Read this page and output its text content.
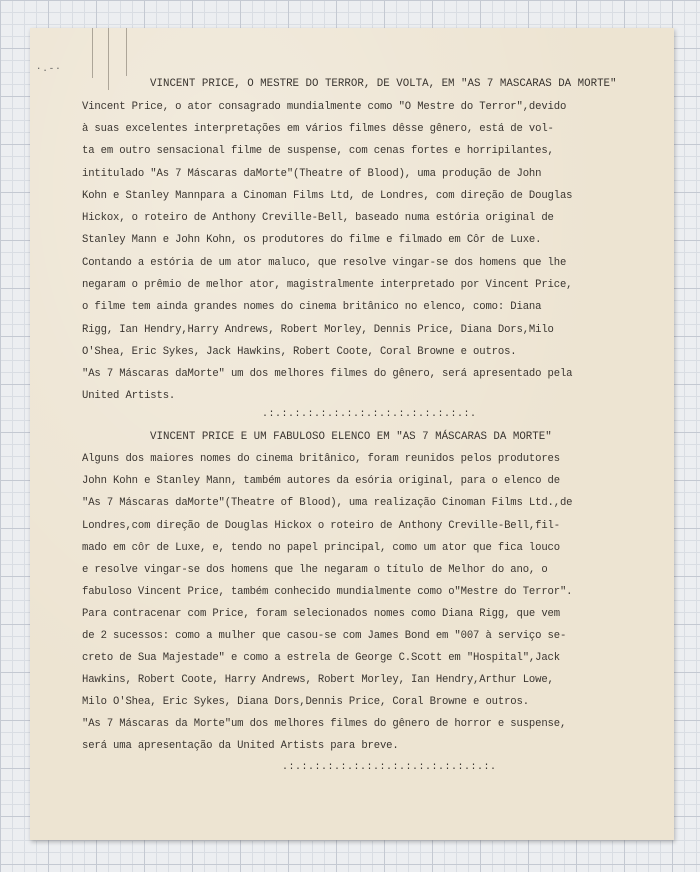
·.-·
VINCENT PRICE, O MESTRE DO TERROR, DE VOLTA, EM "AS 7 MASCARAS DA MORTE"
Vincent Price, o ator consagrado mundialmente como "O Mestre do Terror",devido
à suas excelentes interpretações em vários filmes dêsse gênero, está de vol-
ta em outro sensacional filme de suspense, com cenas fortes e horripilantes,
intitulado "As 7 Máscaras daMorte"(Theatre of Blood), uma produção de John
Kohn e Stanley Mannpara a Cinoman Films Ltd, de Londres, com direção de Douglas
Hickox, o roteiro de Anthony Creville-Bell, baseado numa estória original de
Stanley Mann e John Kohn, os produtores do filme e filmado em Côr de Luxe.
Contando a estória de um ator maluco, que resolve vingar-se dos homens que lhe
negaram o prêmio de melhor ator, magistralmente interpretado por Vincent Price,
o filme tem ainda grandes nomes do cinema britânico no elenco, como: Diana
Rigg, Ian Hendry,Harry Andrews, Robert Morley, Dennis Price, Diana Dors,Milo
O'Shea, Eric Sykes, Jack Hawkins, Robert Coote, Coral Browne e outros.
"As 7 Máscaras daMorte" um dos melhores filmes do gênero, será apresentado pela
United Artists.
.:.:.:.:.:.:.:.:.:.:.:.:.:.:.:.:.
VINCENT PRICE E UM FABULOSO ELENCO EM "AS 7 MÁSCARAS DA MORTE"
Alguns dos maiores nomes do cinema britânico, foram reunidos pelos produtores
John Kohn e Stanley Mann, também autores da esória original, para o elenco de
"As 7 Máscaras daMorte"(Theatre of Blood), uma realização Cinoman Films Ltd.,de
Londres,com direção de Douglas Hickox o roteiro de Anthony Creville-Bell,fil-
mado em côr de Luxe, e, tendo no papel principal, como um ator que fica louco
e resolve vingar-se dos homens que lhe negaram o título de Melhor do ano, o
fabuloso Vincent Price, também conhecido mundialmente como o"Mestre do Terror".
Para contracenar com Price, foram selecionados nomes como Diana Rigg, que vem
de 2 sucessos: como a mulher que casou-se com James Bond em "007 à serviço se-
creto de Sua Majestade" e como a estrela de George C.Scott em "Hospital",Jack
Hawkins, Robert Coote, Harry Andrews, Robert Morley, Ian Hendry,Arthur Lowe,
Milo O'Shea, Eric Sykes, Diana Dors,Dennis Price, Coral Browne e outros.
"As 7 Máscaras da Morte"um dos melhores filmes do gênero de horror e suspense,
será uma apresentação da United Artists para breve.
.:.:.:.:.:.:.:.:.:.:.:.:.:.:.:.:.
